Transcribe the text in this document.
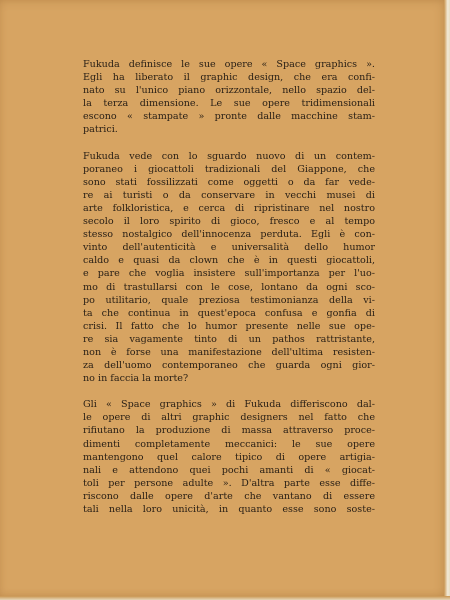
Fukuda definisce le sue opere « Space graphics ».
Egli ha liberato il graphic design, che era confi-
nato su l'unico piano orizzontale, nello spazio del-
la terza dimensione. Le sue opere tridimensionali
escono « stampate » pronte dalle macchine stam-
patrici.
Fukuda vede con lo sguardo nuovo di un contem-
poraneo i giocattoli tradizionali del Giappone, che
sono stati fossilizzati come oggetti o da far vede-
re ai turisti o da conservare in vecchi musei di
arte folkloristica, e cerca di ripristinare nel nostro
secolo il loro spirito di gioco, fresco e al tempo
stesso nostalgico dell'innocenza perduta. Egli è con-
vinto dell'autenticità e universalità dello humor
caldo e quasi da clown che è in questi giocattoli,
e pare che voglia insistere sull'importanza per l'uo-
mo di trastullarsi con le cose, lontano da ogni sco-
po utilitario, quale preziosa testimonianza della vi-
ta che continua in quest'epoca confusa e gonfia di
crisi. Il fatto che lo humor presente nelle sue ope-
re sia vagamente tinto di un pathos rattristante,
non è forse una manifestazione dell'ultima resisten-
za dell'uomo contemporaneo che guarda ogni gior-
no in faccia la morte?
Gli « Space graphics » di Fukuda differiscono dal-
le opere di altri graphic designers nel fatto che
rifiutano la produzione di massa attraverso proce-
dimenti completamente meccanici: le sue opere
mantengono quel calore tipico di opere artigia-
nali e attendono quei pochi amanti di « giocat-
toli per persone adulte ». D'altra parte esse diffe-
riscono dalle opere d'arte che vantano di essere
tali nella loro unicità, in quanto esse sono soste-
